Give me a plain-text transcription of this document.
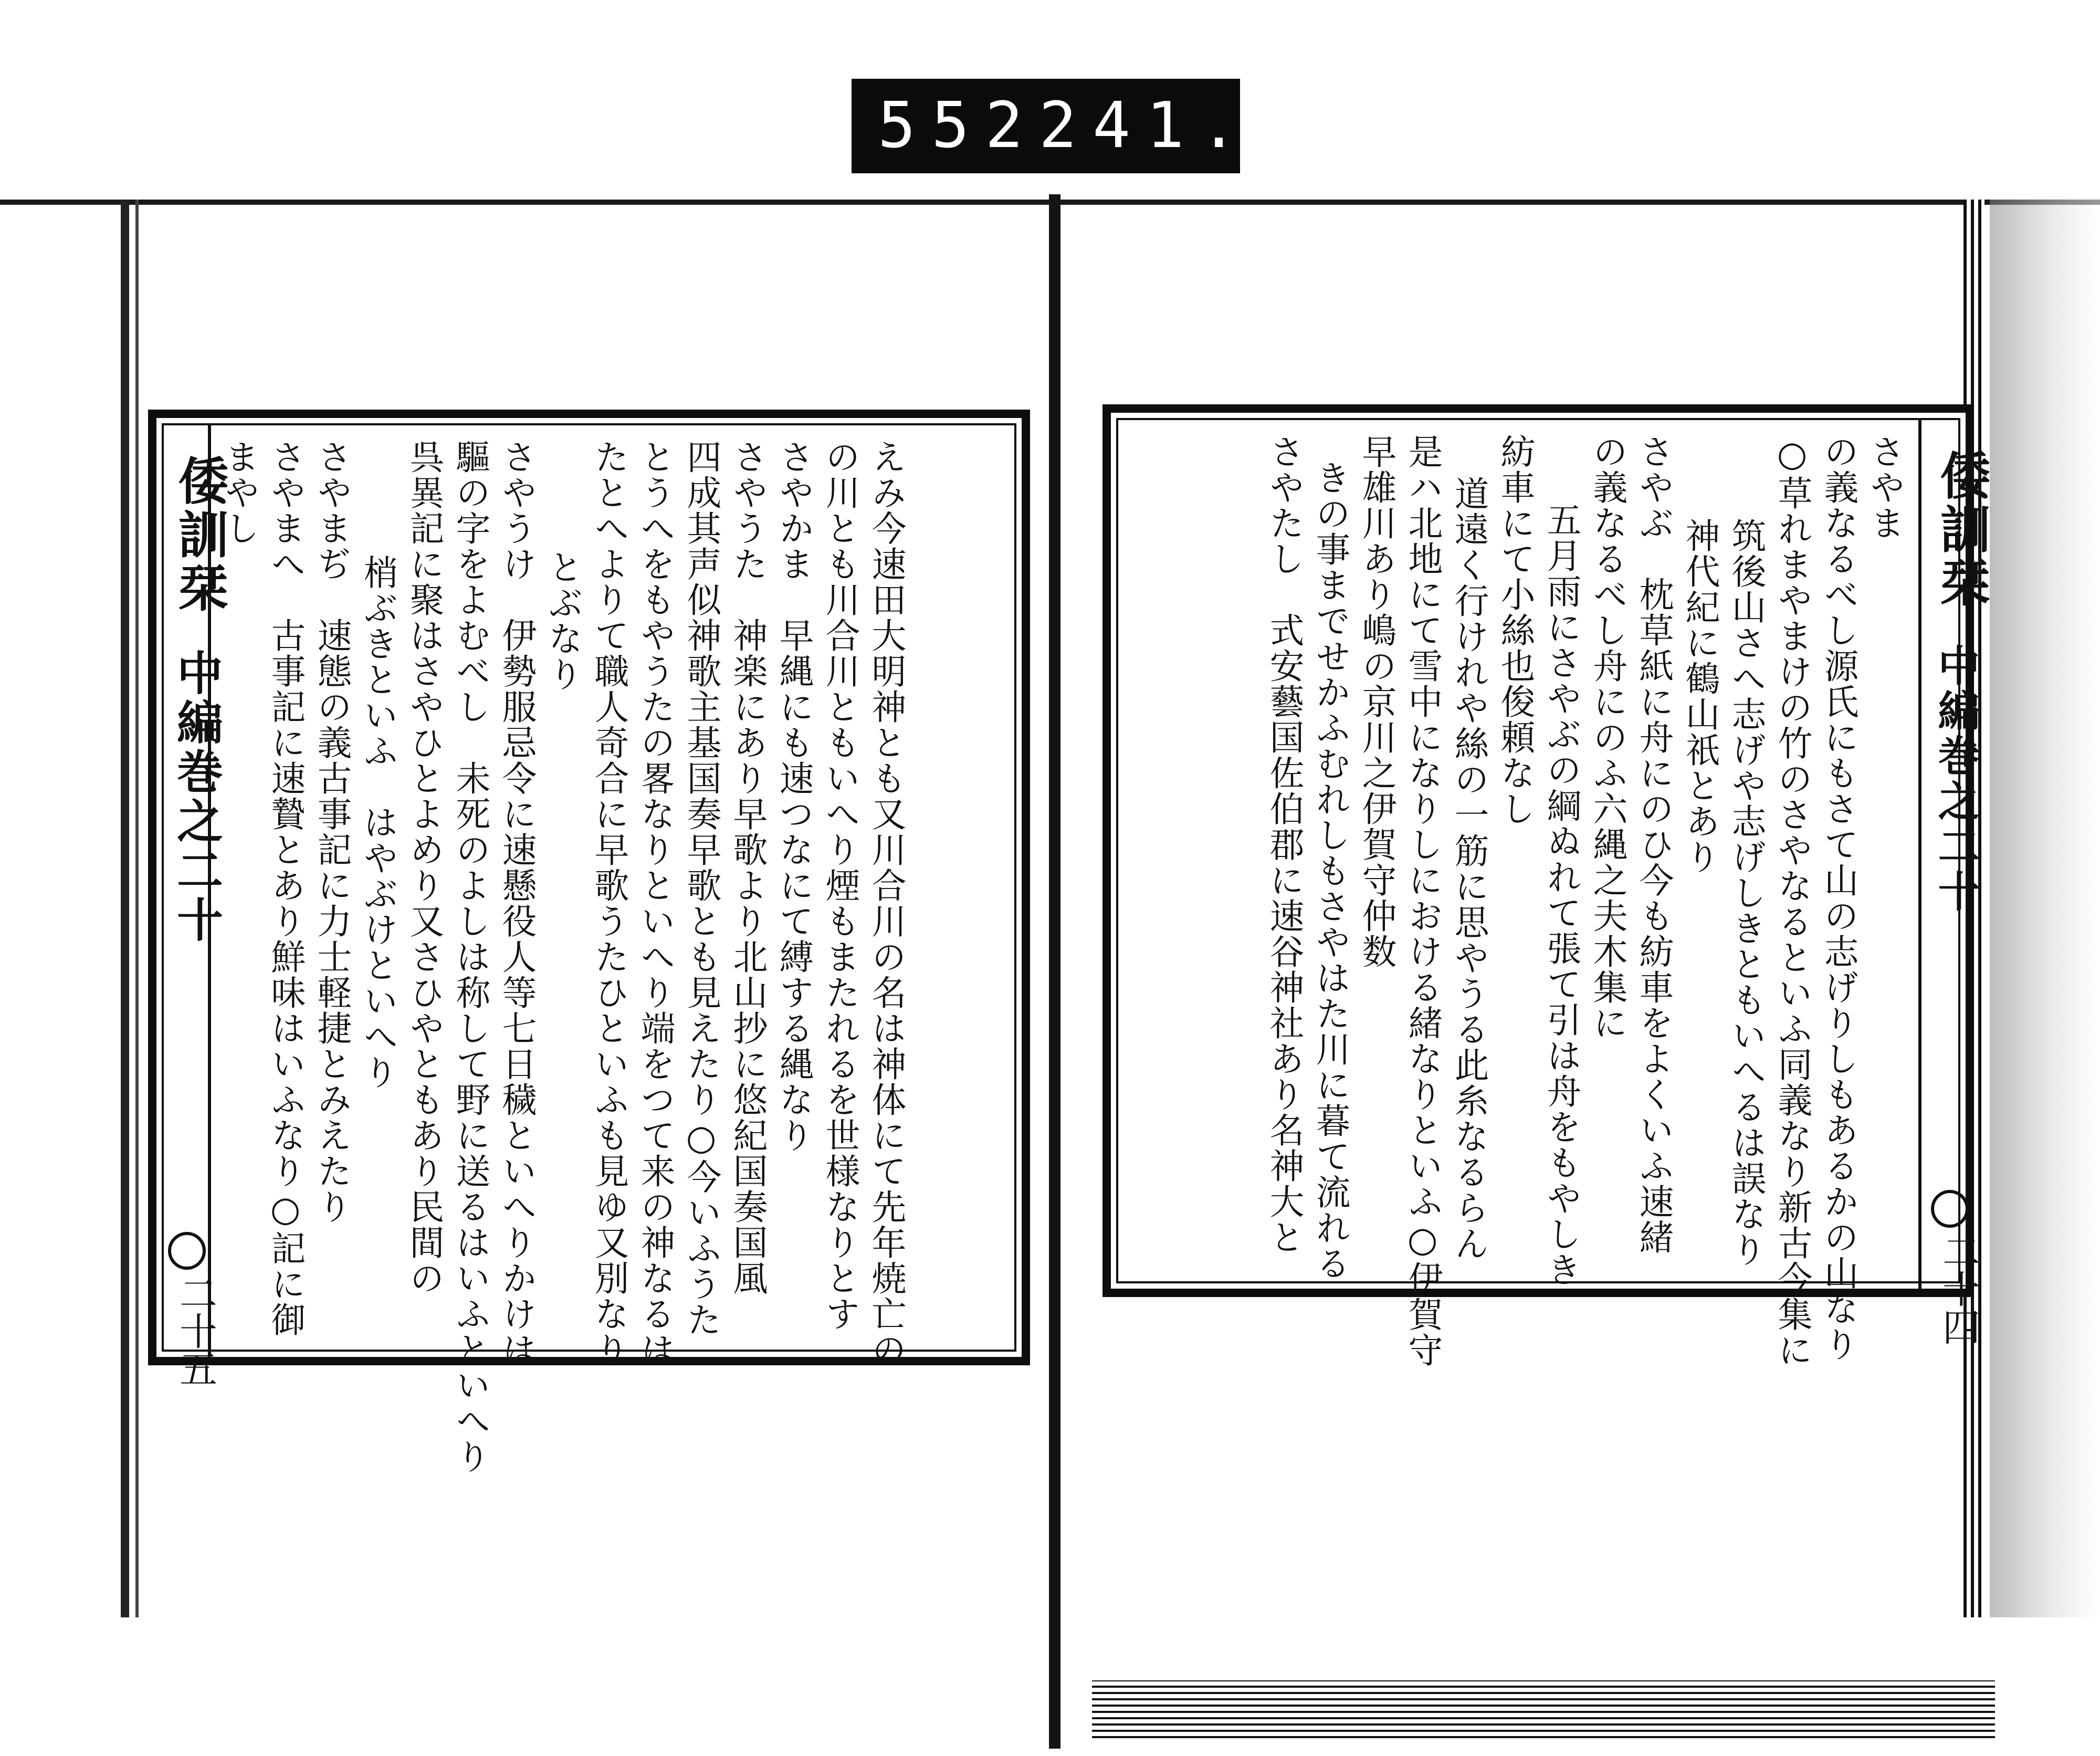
552 241.
倭訓栞
中編巻之二十
二十五
まやし さやまへ　古事記に速贄とあり鮮味はいふなり○記に御 さやまぢ　速態の義古事記に力士軽捷とみえたり 梢ぶきといふ　はやぶけといへり 呉異記に聚はさやひとよめり又さひやともあり民間の 驅の字をよむべし　未死のよしは称して野に送るはいふといへり さやうけ　伊勢服忌令に速懸役人等七日穢といへりかけは とぶなり たとへよりて職人奇合に早歌うたひといふも見ゆ又別なり とうへをもやうたの畧なりといへり端をつて来の神なるは 四成其声似神歌主基国奏早歌とも見えたり○今いふうた さやうた　神楽にあり早歌より北山抄に悠紀国奏国風 さやかま　早縄にも速つなにて縛する縄なり の川とも川合川ともいへり煙もまたれるを世様なりとす えみ今速田大明神とも又川合川の名は神体にて先年焼亡の	さやま
の義なるべし源氏にもさて山の志げりしもあるかの山なり
○草れまやまけの竹のさやなるといふ同義なり新古今集に
筑後山さへ志げや志げしきともいへるは誤なり
神代紀に鶴山祇とあり
さやぶ　枕草紙に舟にのひ今も紡車をよくいふ速緒
の義なるべし舟にのふ六縄之夫木集に
五月雨にさやぶの綱ぬれて張て引は舟をもやしき
紡車にて小絲也俊頼なし
道遠く行けれや絲の一筋に思やうる此糸なるらん
是ハ北地にて雪中になりしにおける緒なりといふ○伊賀守
早雄川あり嶋の京川之伊賀守仲数
きの事までせかふむれしもさやはた川に暮て流れる
さやたし　式安藝国佐伯郡に速谷神社あり名神大と	倭訓栞
中編巻之二十
二十四
